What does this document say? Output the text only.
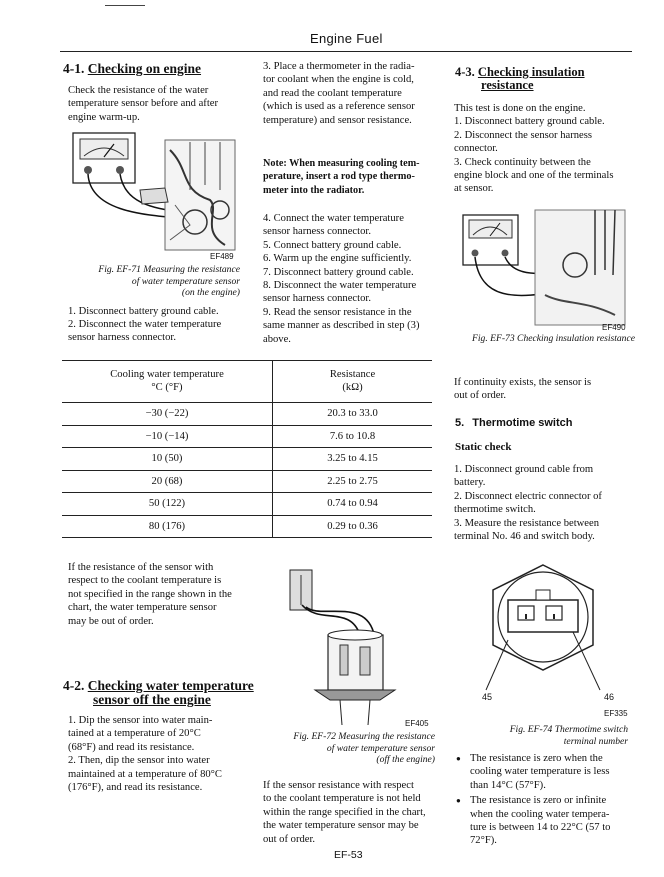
Engine Fuel
4-1. Checking on engine

Check the resistance of the water
temperature sensor before and after
engine warm-up.

EF489
Fig. EF-71 Measuring the resistance
of water temperature sensor
(on the engine)

1. Disconnect battery ground cable.

2. Disconnect the water temperature
sensor harness connector.

3. Place a thermometer in the radia-
tor coolant when the engine is cold,
and read the coolant temperature
(which is used as a reference sensor
temperature) and sensor resistance.

Note: When measuring cooling tem-
perature, insert a rod type thermo-
meter into the radiator.

4. Connect the water temperature
sensor harness connector.
5. Connect battery ground cable.
6. Warm up the engine sufficiently.
7. Disconnect battery ground cable.
8. Disconnect the water temperature
sensor harness connector.
9. Read the sensor resistance in the
same manner as described in step (3)
above.

Cooling water temperature
°C (°F)
Resistance
(kΩ)
−30 (−22)	20.3 to 33.0
−10 (−14)	7.6 to 10.8
10 (50)	3.25 to 4.15
20 (68)	2.25 to 2.75
50 (122)	0.74 to 0.94
80 (176)	0.29 to 0.36

If the resistance of the sensor with
respect to the coolant temperature is
not specified in the range shown in the
chart, the water temperature sensor
may be out of order.

4-2. Checking water temperature
sensor off the engine

1. Dip the sensor into water main-
tained at a temperature of 20°C
(68°F) and read its resistance.
2. Then, dip the sensor into water
maintained at a temperature of 80°C
(176°F), and read its resistance.

EF405
Fig. EF-72 Measuring the resistance
of water temperature sensor
(off the engine)

If the sensor resistance with respect
to the coolant temperature is not held
within the range specified in the chart,
the water temperature sensor may be
out of order.

4-3. Checking insulation
resistance

This test is done on the engine.
1. Disconnect battery ground cable.
2. Disconnect the sensor harness
connector.
3. Check continuity between the
engine block and one of the terminals
at sensor.

EF490
Fig. EF-73 Checking insulation resistance

If continuity exists, the sensor is
out of order.

5. Thermotime switch
Static check

1. Disconnect ground cable from
battery.
2. Disconnect electric connector of
thermotime switch.
3. Measure the resistance between
terminal No. 46 and switch body.

45	46
EF335
Fig. EF-74 Thermotime switch
terminal number
● The resistance is zero when the
cooling water temperature is less
than 14°C (57°F).
● The resistance is zero or infinite
when the cooling water tempera-
ture is between 14 to 22°C (57 to
72°F).
EF-53
